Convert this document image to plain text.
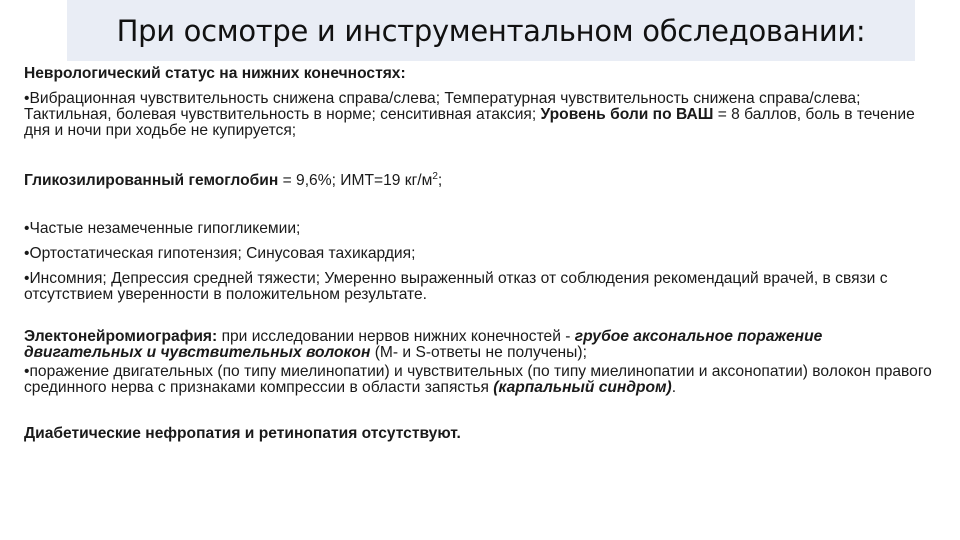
При осмотре и инструментальном обследовании:

Неврологический статус на нижних конечностях:

•Вибрационная чувствительность снижена справа/слева; Температурная чувствительность снижена справа/слева; Тактильная, болевая чувствительность в норме; сенситивная атаксия; Уровень боли по ВАШ = 8 баллов, боль в течение дня и ночи при ходьбе не купируется;

Гликозилированный гемоглобин = 9,6%; ИМТ=19 $кг/м^2$;

•Частые незамеченные гипогликемии;

•Ортостатическая гипотензия; Синусовая тахикардия;

•Инсомния; Депрессия средней тяжести; Умеренно выраженный отказ от соблюдения рекомендаций врачей, в связи с отсутствием уверенности в положительном результате.

Электонейромиография: при исследовании нервов нижних конечностей - грубое аксональное поражение двигательных и чувствительных волокон (М- и S-ответы не получены);

•поражение двигательных (по типу миелинопатии) и чувствительных (по типу миелинопатии и аксонопатии) волокон правого срединного нерва с признаками компрессии в области запястья (карпальный синдром).

Диабетические нефропатия и ретинопатия отсутствуют.
